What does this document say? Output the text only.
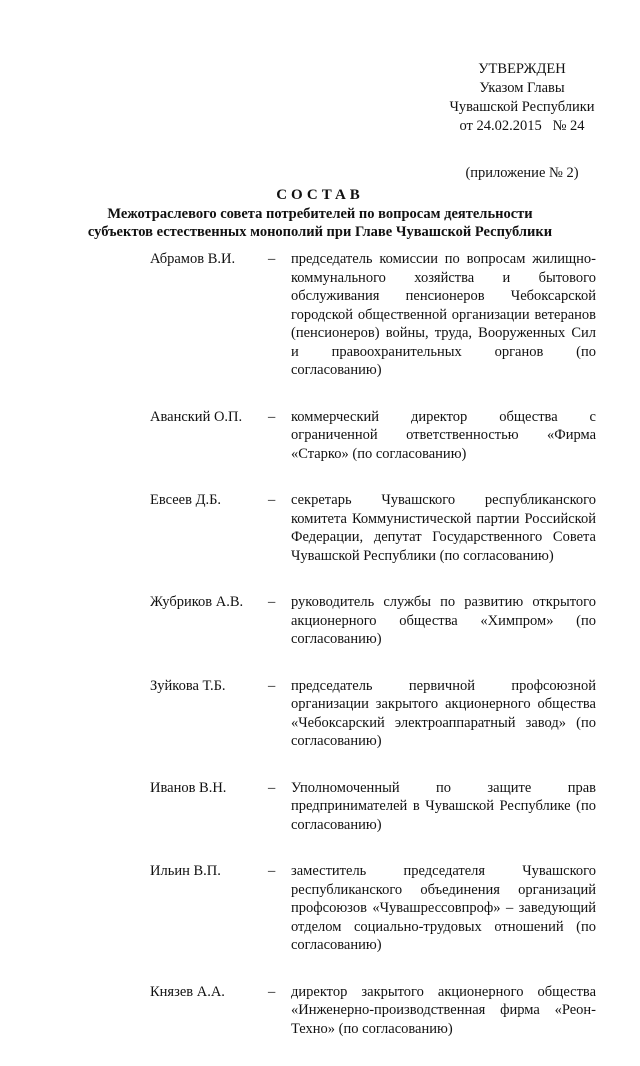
УТВЕРЖДЕН
Указом Главы
Чувашской Республики
от 24.02.2015   № 24
(приложение № 2)
СОСТАВ
Межотраслевого совета потребителей по вопросам деятельности
субъектов естественных монополий при Главе Чувашской Республики
Абрамов В.И. – председатель комиссии по вопросам жилищно-коммунального хозяйства и бытового обслуживания пенсионеров Чебоксарской городской общественной организации ветеранов (пенсионеров) войны, труда, Вооруженных Сил и правоохранительных органов (по согласованию)
Аванский О.П. – коммерческий директор общества с ограниченной ответственностью «Фирма «Старко» (по согласованию)
Евсеев Д.Б.	– секретарь Чувашского республиканского комитета Коммунистической партии Российской Федерации, депутат Государственного Совета Чувашской Республики (по согласованию)
Жубриков А.В. – руководитель службы по развитию открытого акционерного общества «Химпром» (по согласованию)
Зуйкова Т.Б.	– председатель первичной профсоюзной организации закрытого акционерного общества «Чебоксарский электроаппаратный завод» (по согласованию)
Иванов В.Н.	– Уполномоченный по защите прав предпринимателей в Чувашской Республике (по согласованию)
Ильин В.П.	– заместитель председателя Чувашского республиканского объединения организаций профсоюзов «Чувашрессовпроф» – заведующий отделом социально-трудовых отношений (по согласованию)
Князев А.А.	– директор закрытого акционерного общества «Инженерно-производственная фирма «Реон-Техно» (по согласованию)
